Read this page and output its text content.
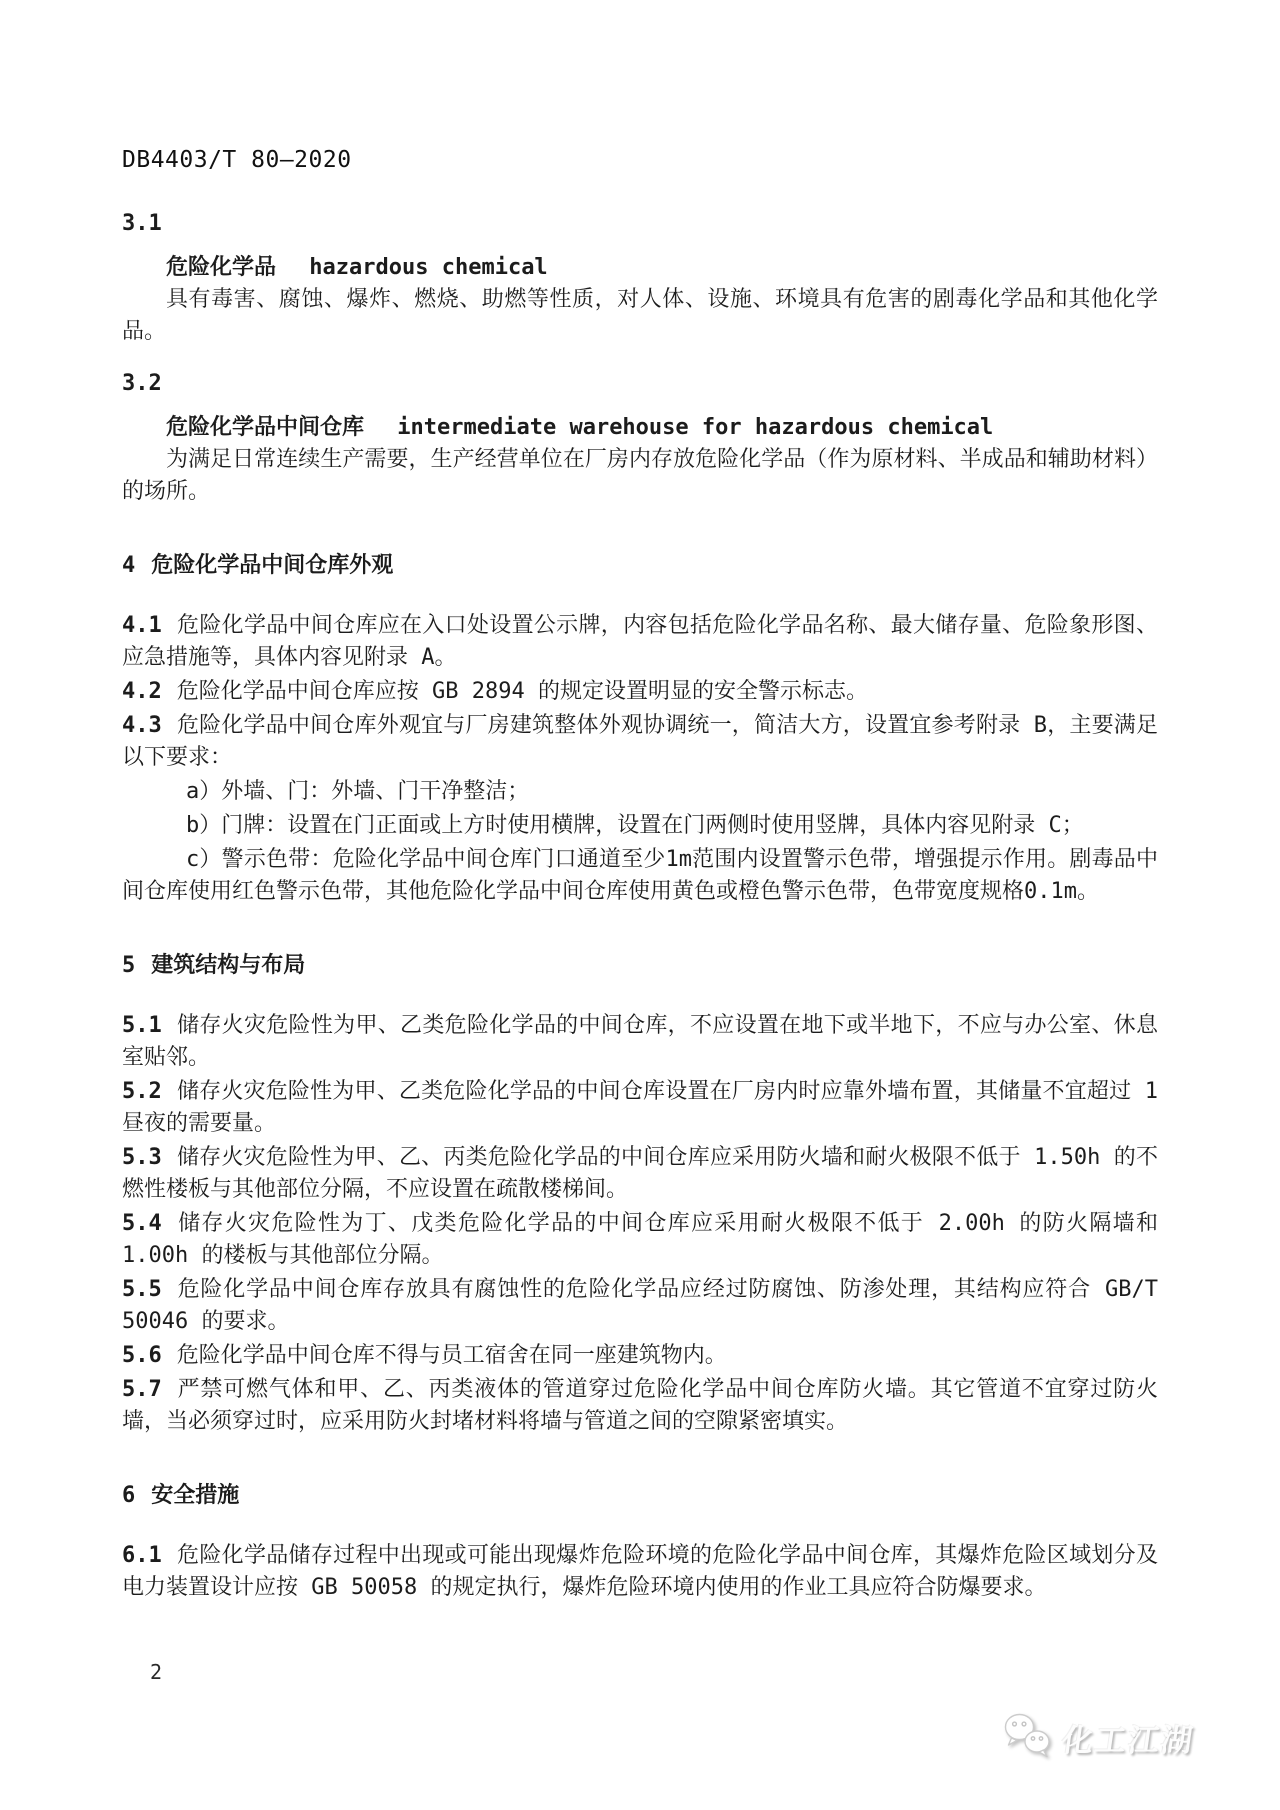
DB4403/T 80—2020

3.1

危险化学品 hazardous chemical

具有毒害、腐蚀、爆炸、燃烧、助燃等性质，对人体、设施、环境具有危害的剧毒化学品和其他化学品。

3.2

危险化学品中间仓库 intermediate warehouse for hazardous chemical

为满足日常连续生产需要，生产经营单位在厂房内存放危险化学品（作为原材料、半成品和辅助材料）的场所。

4 危险化学品中间仓库外观

4.1 危险化学品中间仓库应在入口处设置公示牌，内容包括危险化学品名称、最大储存量、危险象形图、应急措施等，具体内容见附录 A。

4.2 危险化学品中间仓库应按 GB 2894 的规定设置明显的安全警示标志。

4.3 危险化学品中间仓库外观宜与厂房建筑整体外观协调统一，简洁大方，设置宜参考附录 B，主要满足以下要求：

a）外墙、门：外墙、门干净整洁；

b）门牌：设置在门正面或上方时使用横牌，设置在门两侧时使用竖牌，具体内容见附录 C；

c）警示色带：危险化学品中间仓库门口通道至少1m范围内设置警示色带，增强提示作用。剧毒品中间仓库使用红色警示色带，其他危险化学品中间仓库使用黄色或橙色警示色带，色带宽度规格0.1m。

5 建筑结构与布局

5.1 储存火灾危险性为甲、乙类危险化学品的中间仓库，不应设置在地下或半地下，不应与办公室、休息室贴邻。

5.2 储存火灾危险性为甲、乙类危险化学品的中间仓库设置在厂房内时应靠外墙布置，其储量不宜超过 1 昼夜的需要量。

5.3 储存火灾危险性为甲、乙、丙类危险化学品的中间仓库应采用防火墙和耐火极限不低于 1.50h 的不燃性楼板与其他部位分隔，不应设置在疏散楼梯间。

5.4 储存火灾危险性为丁、戊类危险化学品的中间仓库应采用耐火极限不低于 2.00h 的防火隔墙和 1.00h 的楼板与其他部位分隔。

5.5 危险化学品中间仓库存放具有腐蚀性的危险化学品应经过防腐蚀、防渗处理，其结构应符合 GB/T 50046 的要求。

5.6 危险化学品中间仓库不得与员工宿舍在同一座建筑物内。

5.7 严禁可燃气体和甲、乙、丙类液体的管道穿过危险化学品中间仓库防火墙。其它管道不宜穿过防火墙，当必须穿过时，应采用防火封堵材料将墙与管道之间的空隙紧密填实。

6 安全措施

6.1 危险化学品储存过程中出现或可能出现爆炸危险环境的危险化学品中间仓库，其爆炸危险区域划分及电力装置设计应按 GB 50058 的规定执行，爆炸危险环境内使用的作业工具应符合防爆要求。

2
化工江湖
